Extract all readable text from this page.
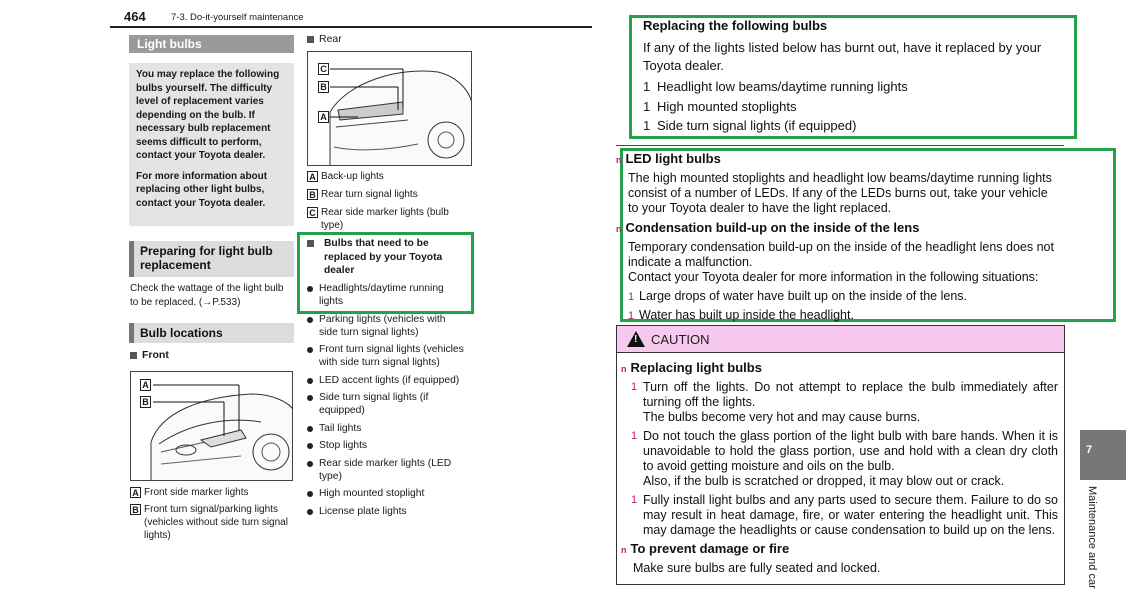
464	7-3. Do-it-yourself maintenance
Light bulbs

You may replace the following bulbs yourself. The difficulty level of replacement varies depending on the bulb. If necessary bulb replacement seems difficult to perform, contact your Toyota dealer.

For more information about replacing other light bulbs, contact your Toyota dealer.

Preparing for light bulb replacement
Check the wattage of the light bulb to be replaced. (→P.533)
Bulb locations
Front
A
B
A Front side marker lights
B Front turn signal/parking lights (vehicles without side turn signal lights)
Rear
C
B
A
A Back-up lights
B Rear turn signal lights
C Rear side marker lights (bulb type)
Bulbs that need to be replaced by your Toyota dealer
Headlights/daytime running lights
Parking lights (vehicles with side turn signal lights)
Front turn signal lights (vehicles with side turn signal lights)
LED accent lights (if equipped)
Side turn signal lights (if equipped)
Tail lights
Stop lights
Rear side marker lights (LED type)
High mounted stoplight
License plate lights
Replacing the following bulbs
If any of the lights listed below has burnt out, have it replaced by your Toyota dealer.
1 Headlight low beams/daytime running lights
1 High mounted stoplights
1 Side turn signal lights (if equipped)
n LED light bulbs
The high mounted stoplights and headlight low beams/daytime running lights consist of a number of LEDs. If any of the LEDs burns out, take your vehicle to your Toyota dealer to have the light replaced.
n Condensation build-up on the inside of the lens
Temporary condensation build-up on the inside of the headlight lens does not indicate a malfunction.
Contact your Toyota dealer for more information in the following situations:
1 Large drops of water have built up on the inside of the lens.
1 Water has built up inside the headlight.
! CAUTION
n Replacing light bulbs
1 Turn off the lights. Do not attempt to replace the bulb immediately after turning off the lights.
The bulbs become very hot and may cause burns.
1 Do not touch the glass portion of the light bulb with bare hands. When it is unavoidable to hold the glass portion, use and hold with a clean dry cloth to avoid getting moisture and oils on the bulb.
Also, if the bulb is scratched or dropped, it may blow out or crack.
1 Fully install light bulbs and any parts used to secure them. Failure to do so may result in heat damage, fire, or water entering the headlight unit. This may damage the headlights or cause condensation to build up on the lens.
n To prevent damage or fire
Make sure bulbs are fully seated and locked.
7
Maintenance and car
